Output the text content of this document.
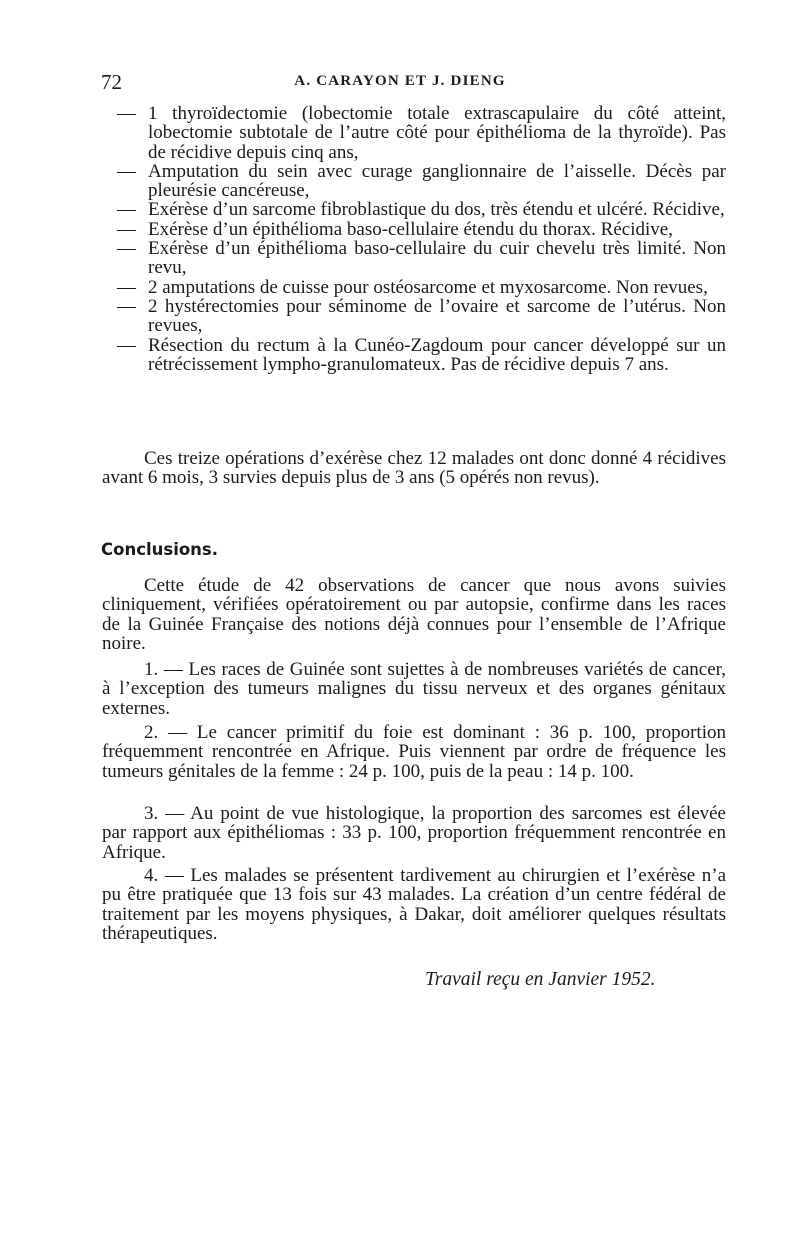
72	A. CARAYON ET J. DIENG
— 1 thyroïdectomie (lobectomie totale extrascapulaire du côté atteint, lobectomie subtotale de l’autre côté pour épithélioma de la thyroïde). Pas de récidive depuis cinq ans,
— Amputation du sein avec curage ganglionnaire de l’aisselle. Décès par pleurésie cancéreuse,
— Exérèse d’un sarcome fibroblastique du dos, très étendu et ulcéré. Récidive,
— Exérèse d’un épithélioma baso-cellulaire étendu du thorax. Récidive,
— Exérèse d’un épithélioma baso-cellulaire du cuir chevelu très limité. Non revu,
— 2 amputations de cuisse pour ostéosarcome et myxosarcome. Non revues,
— 2 hystérectomies pour séminome de l’ovaire et sarcome de l’utérus. Non revues,
— Résection du rectum à la Cunéo-Zagdoum pour cancer développé sur un rétrécissement lympho-granulomateux. Pas de récidive depuis 7 ans.

Ces treize opérations d’exérèse chez 12 malades ont donc donné 4 récidives avant 6 mois, 3 survies depuis plus de 3 ans (5 opérés non revus).

Conclusions.

Cette étude de 42 observations de cancer que nous avons suivies cliniquement, vérifiées opératoirement ou par autopsie, confirme dans les races de la Guinée Française des notions déjà connues pour l’ensemble de l’Afrique noire.

1. — Les races de Guinée sont sujettes à de nombreuses variétés de cancer, à l’exception des tumeurs malignes du tissu nerveux et des organes génitaux externes.

2. — Le cancer primitif du foie est dominant : 36 p. 100, proportion fréquemment rencontrée en Afrique. Puis viennent par ordre de fréquence les tumeurs génitales de la femme : 24 p. 100, puis de la peau : 14 p. 100.

3. — Au point de vue histologique, la proportion des sarcomes est élevée par rapport aux épithéliomas : 33 p. 100, proportion fréquemment rencontrée en Afrique.

4. — Les malades se présentent tardivement au chirurgien et l’exérèse n’a pu être pratiquée que 13 fois sur 43 malades. La création d’un centre fédéral de traitement par les moyens physiques, à Dakar, doit améliorer quelques résultats thérapeutiques.

Travail reçu en Janvier 1952.
